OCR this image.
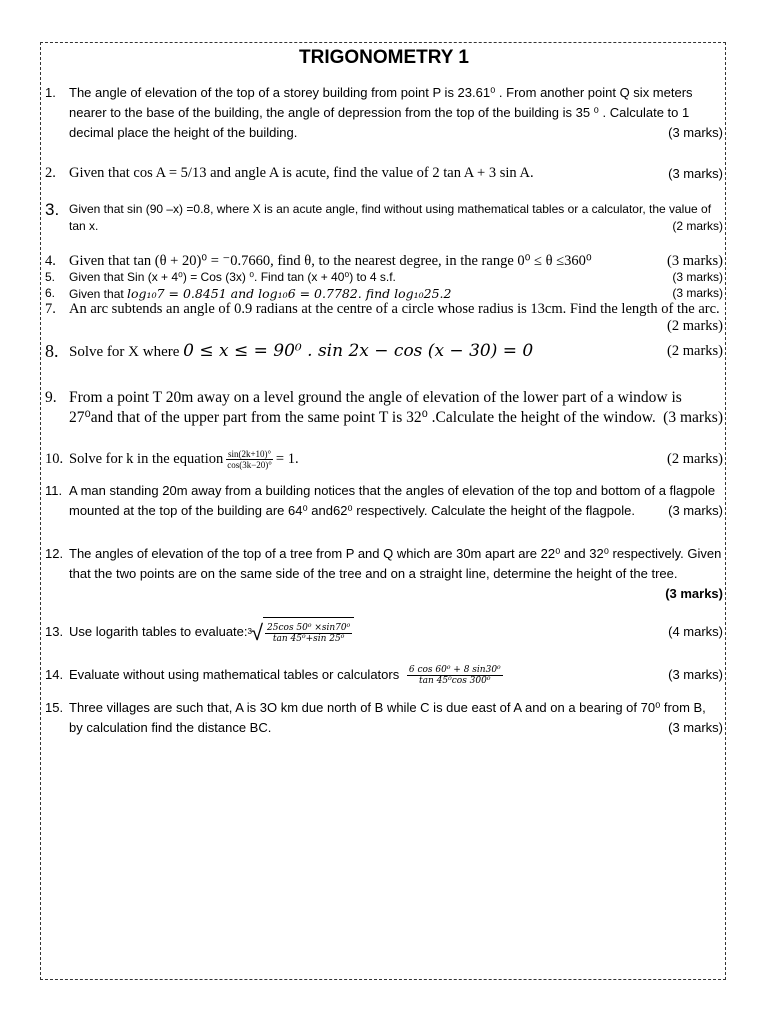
TRIGONOMETRY 1
1. The angle of elevation of the top of a storey building from point P is 23.61⁰ . From another point Q six meters nearer to the base of the building, the angle of depression from the top of the building is 35 ⁰ . Calculate to 1 decimal place the height of the building.	(3 marks)
2. Given that cos A = 5/13 and angle A is acute, find the value of 2 tan A + 3 sin A.	(3 marks)
3. Given that sin (90 –x) =0.8, where X is an acute angle, find without using mathematical tables or a calculator, the value of tan x.	(2 marks)
4. Given that tan (θ + 20)⁰ = ⁻0.7660, find θ, to the nearest degree, in the range 0⁰ ≤ θ ≤360⁰	(3 marks)
5. Given that Sin (x + 4⁰) = Cos (3x) ⁰. Find tan (x + 40⁰) to 4 s.f.	(3 marks)
6. Given that log₁₀7 = 0.8451 and log₁₀6 = 0.7782. find log₁₀25.2	(3 marks)
7. An arc subtends an angle of 0.9 radians at the centre of a circle whose radius is 13cm. Find the length of the arc.
(2 marks)
8. Solve for X where 0 ≤ x ≤ = 90⁰ . sin 2x − cos (x − 30) = 0	(2 marks)
9. From a point T 20m away on a level ground the angle of elevation of the lower part of a window is 27⁰and that of the upper part from the same point T is 32⁰ .Calculate the height of the window. (3 marks)
10. Solve for k in the equation $\frac{\sin(2k+10)^\circ}{\cos(3k-20)^\circ} = 1$.	(2 marks)
11. A man standing 20m away from a building notices that the angles of elevation of the top and bottom of a flagpole mounted at the top of the building are 64⁰ and62⁰ respectively. Calculate the height of the flagpole.	(3 marks)
12. The angles of elevation of the top of a tree from P and Q which are 30m apart are 22⁰ and 32⁰ respectively. Given that the two points are on the same side of the tree and on a straight line, determine the height of the tree.
(3 marks)
13. Use logarith tables to evaluate: 3 √ $\frac{\text{25cos 50⁰ ×sin70⁰}}{\text{tan 45⁰+sin 25⁰}}$	(4 marks)
14. Evaluate without using mathematical tables or calculators $\frac{\text{6 cos 60⁰ + 8 sin30⁰}}{\text{tan 45⁰cos 300⁰}}$	(3 marks)
15. Three villages are such that, A is 3O km due north of B while C is due east of A and on a bearing of 70⁰ from B, by calculation find the distance BC.	(3 marks)
